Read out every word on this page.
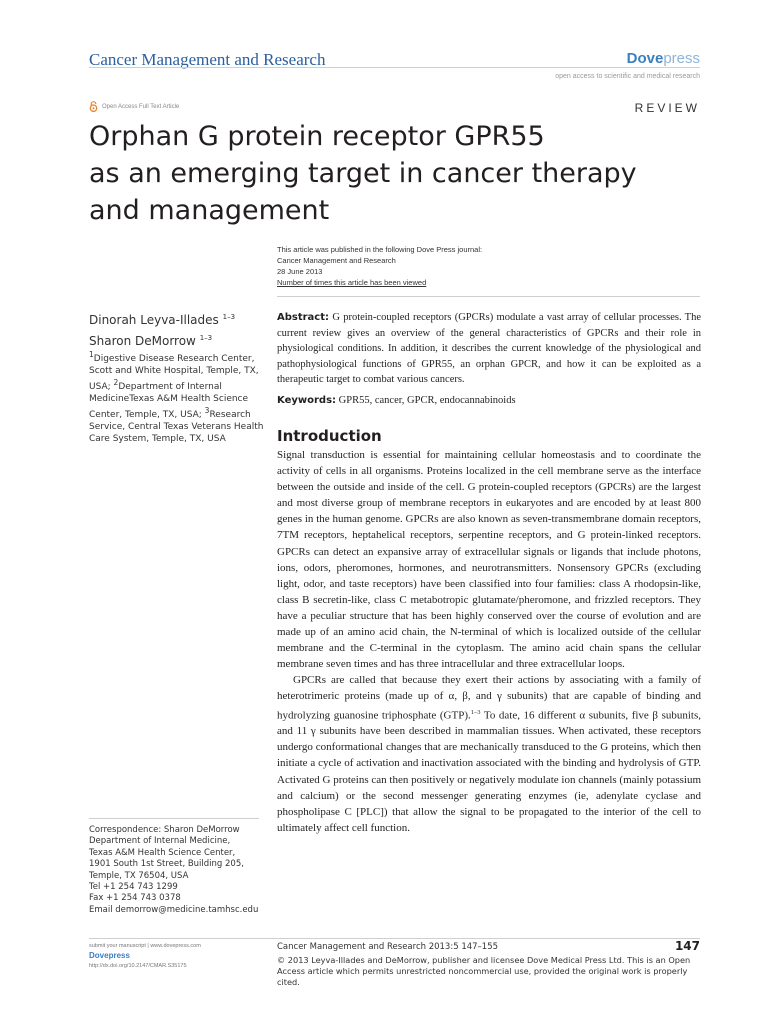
Cancer Management and Research	Dovepress
open access to scientific and medical research
Open Access Full Text Article	REVIEW
Orphan G protein receptor GPR55
as an emerging target in cancer therapy
and management
This article was published in the following Dove Press journal:
Cancer Management and Research
28 June 2013
Number of times this article has been viewed
Dinorah Leyva-Illades $^{1-3}$
Sharon DeMorrow $^{1-3}$
$^1$Digestive Disease Research Center, Scott and White Hospital, Temple, TX, USA; $^2$Department of Internal MedicineTexas A&M Health Science Center, Temple, TX, USA; $^3$Research Service, Central Texas Veterans Health Care System, Temple, TX, USA

Abstract: G protein-coupled receptors (GPCRs) modulate a vast array of cellular processes. The current review gives an overview of the general characteristics of GPCRs and their role in physiological conditions. In addition, it describes the current knowledge of the physiological and pathophysiological functions of GPR55, an orphan GPCR, and how it can be exploited as a therapeutic target to combat various cancers.

Keywords: GPR55, cancer, GPCR, endocannabinoids

Introduction

Signal transduction is essential for maintaining cellular homeostasis and to coordinate the activity of cells in all organisms. Proteins localized in the cell membrane serve as the interface between the outside and inside of the cell. G protein-coupled receptors (GPCRs) are the largest and most diverse group of membrane receptors in eukaryotes and are encoded by at least 800 genes in the human genome. GPCRs are also known as seven-transmembrane domain receptors, 7TM receptors, heptahelical receptors, serpentine receptors, and G protein-linked receptors. GPCRs can detect an expansive array of extracellular signals or ligands that include photons, ions, odors, pheromones, hormones, and neurotransmitters. Nonsensory GPCRs (excluding light, odor, and taste receptors) have been classified into four families: class A rhodopsin-like, class B secretin-like, class C metabotropic glutamate/pheromone, and frizzled receptors. They have a peculiar structure that has been highly conserved over the course of evolution and are made up of an amino acid chain, the N-terminal of which is localized outside of the cellular membrane and the C-terminal in the cytoplasm. The amino acid chain spans the cellular membrane seven times and has three intracellular and three extracellular loops.

GPCRs are called that because they exert their actions by associating with a family of heterotrimeric proteins (made up of α, β, and γ subunits) that are capable of binding and hydrolyzing guanosine triphosphate (GTP).$^{1-3}$ To date, 16 different α subunits, five β subunits, and 11 γ subunits have been described in mammalian tissues. When activated, these receptors undergo conformational changes that are mechanically transduced to the G proteins, which then initiate a cycle of activation and inactivation associated with the binding and hydrolysis of GTP. Activated G proteins can then positively or negatively modulate ion channels (mainly potassium and calcium) or the second messenger generating enzymes (ie, adenylate cyclase and phospholipase C [PLC]) that allow the signal to be propagated to the interior of the cell to ultimately affect cell function.

Correspondence: Sharon DeMorrow
Department of Internal Medicine,
Texas A&M Health Science Center,
1901 South 1st Street, Building 205,
Temple, TX 76504, USA
Tel +1 254 743 1299
Fax +1 254 743 0378
Email demorrow@medicine.tamhsc.edu
submit your manuscript | www.dovepress.com
Dovepress
http://dx.doi.org/10.2147/CMAR.S35175
Cancer Management and Research 2013:5 147–155	147
© 2013 Leyva-Illades and DeMorrow, publisher and licensee Dove Medical Press Ltd. This is an Open Access article which permits unrestricted noncommercial use, provided the original work is properly cited.
